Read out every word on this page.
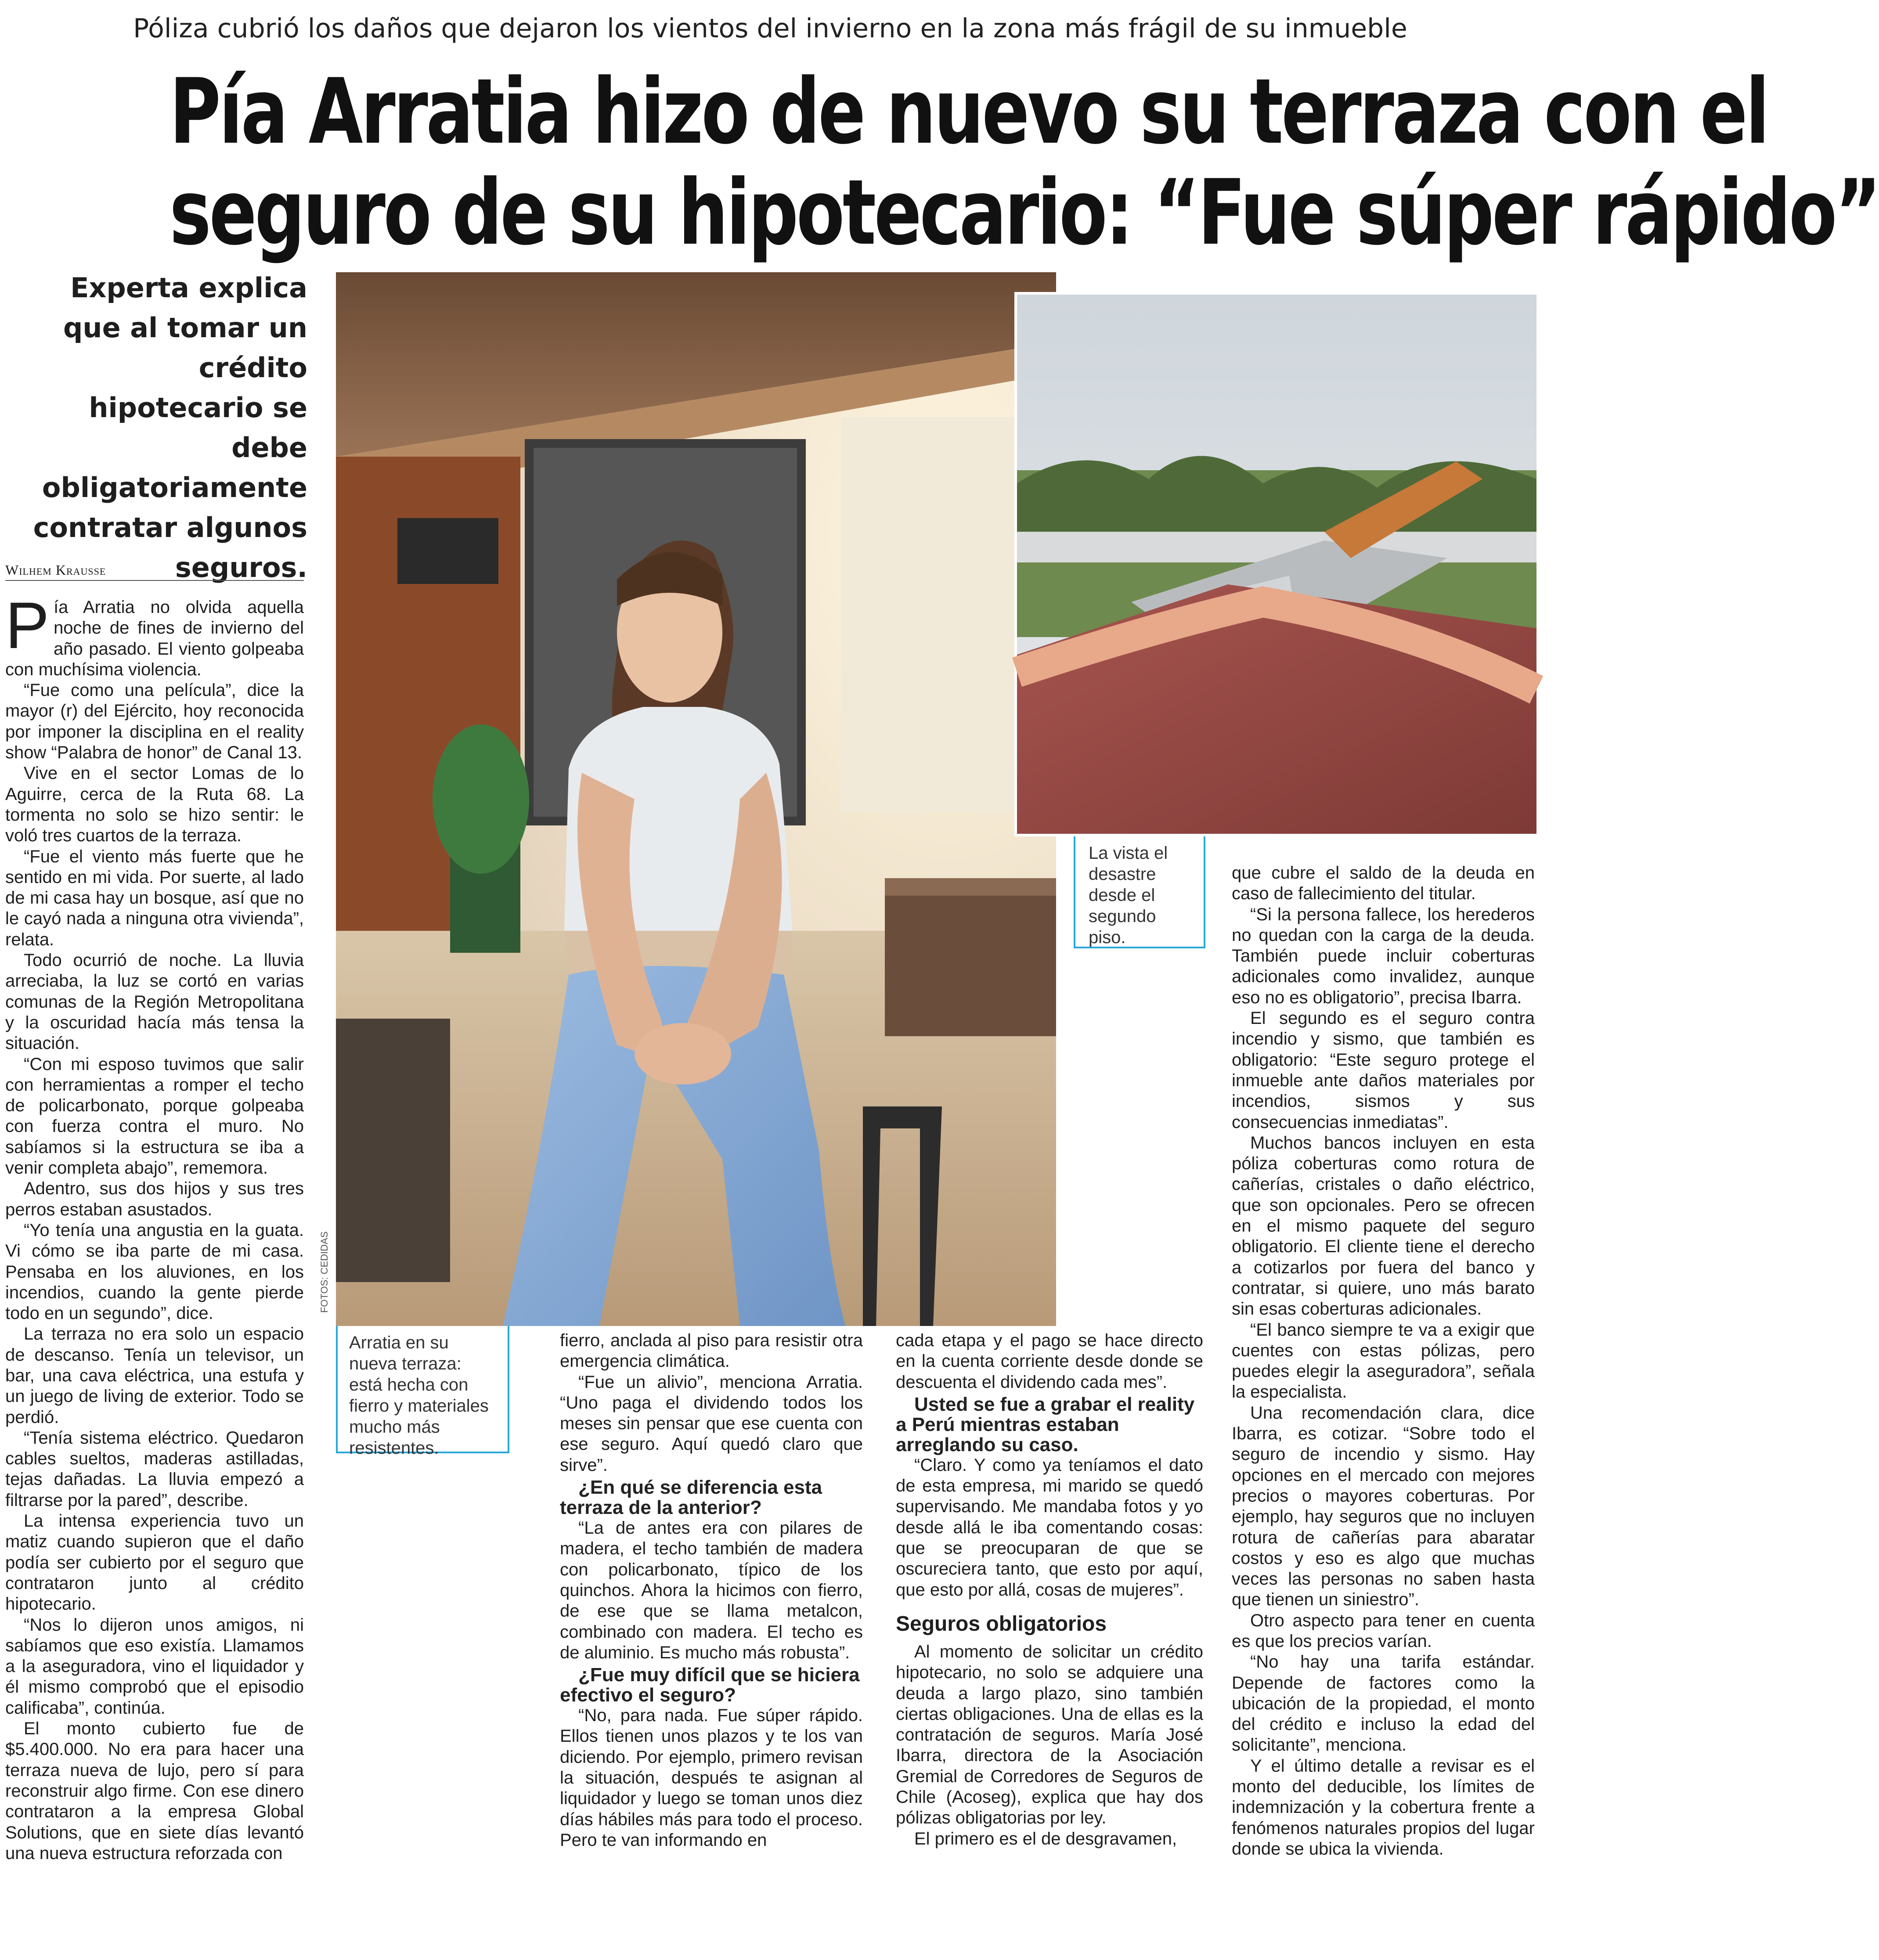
Póliza cubrió los daños que dejaron los vientos del invierno en la zona más frágil de su inmueble
Pía Arratia hizo de nuevo su terraza con el
seguro de su hipotecario: “Fue súper rápido”
Experta explica que al tomar un crédito hipotecario se debe obligatoriamente contratar algunos seguros.
Wilhem Krausse

Pía Arratia no olvida aquella noche de fines de invierno del año pasado. El viento golpeaba con muchísima violencia.

“Fue como una película”, dice la mayor (r) del Ejército, hoy reconocida por imponer la disciplina en el reality show “Palabra de honor” de Canal 13.

Vive en el sector Lomas de lo Aguirre, cerca de la Ruta 68. La tormenta no solo se hizo sentir: le voló tres cuartos de la terraza.

“Fue el viento más fuerte que he sentido en mi vida. Por suerte, al lado de mi casa hay un bosque, así que no le cayó nada a ninguna otra vivienda”, relata.

Todo ocurrió de noche. La lluvia arreciaba, la luz se cortó en varias comunas de la Región Metropolitana y la oscuridad hacía más tensa la situación.

“Con mi esposo tuvimos que salir con herramientas a romper el techo de policarbonato, porque golpeaba con fuerza contra el muro. No sabíamos si la estructura se iba a venir completa abajo”, rememora.

Adentro, sus dos hijos y sus tres perros estaban asustados.

“Yo tenía una angustia en la guata. Vi cómo se iba parte de mi casa. Pensaba en los aluviones, en los incendios, cuando la gente pierde todo en un segundo”, dice.

La terraza no era solo un espacio de descanso. Tenía un televisor, un bar, una cava eléctrica, una estufa y un juego de living de exterior. Todo se perdió.

“Tenía sistema eléctrico. Quedaron cables sueltos, maderas astilladas, tejas dañadas. La lluvia empezó a filtrarse por la pared”, describe.

La intensa experiencia tuvo un matiz cuando supieron que el daño podía ser cubierto por el seguro que contrataron junto al crédito hipotecario.

“Nos lo dijeron unos amigos, ni sabíamos que eso existía. Llamamos a la aseguradora, vino el liquidador y él mismo comprobó que el episodio calificaba”, continúa.

El monto cubierto fue de $5.400.000. No era para hacer una terraza nueva de lujo, pero sí para reconstruir algo firme. Con ese dinero contrataron a la empresa Global Solutions, que en siete días levantó una nueva estructura reforzada con

FOTOS: CEDIDAS
Arratia en su nueva terraza: está hecha con fierro y materiales mucho más resistentes.
La vista el desastre desde el segundo piso.

fierro, anclada al piso para resistir otra emergencia climática.

“Fue un alivio”, menciona Arratia. “Uno paga el dividendo todos los meses sin pensar que ese cuenta con ese seguro. Aquí quedó claro que sirve”.

¿En qué se diferencia esta terraza de la anterior?

“La de antes era con pilares de madera, el techo también de madera con policarbonato, típico de los quinchos. Ahora la hicimos con fierro, de ese que se llama metalcon, combinado con madera. El techo es de aluminio. Es mucho más robusta”.

¿Fue muy difícil que se hiciera efectivo el seguro?

“No, para nada. Fue súper rápido. Ellos tienen unos plazos y te los van diciendo. Por ejemplo, primero revisan la situación, después te asignan al liquidador y luego se toman unos diez días hábiles más para todo el proceso. Pero te van informando en

cada etapa y el pago se hace directo en la cuenta corriente desde donde se descuenta el dividendo cada mes”.

Usted se fue a grabar el reality a Perú mientras estaban arreglando su caso.

“Claro. Y como ya teníamos el dato de esta empresa, mi marido se quedó supervisando. Me mandaba fotos y yo desde allá le iba comentando cosas: que se preocuparan de que se oscureciera tanto, que esto por aquí, que esto por allá, cosas de mujeres”.

Seguros obligatorios

Al momento de solicitar un crédito hipotecario, no solo se adquiere una deuda a largo plazo, sino también ciertas obligaciones. Una de ellas es la contratación de seguros. María José Ibarra, directora de la Asociación Gremial de Corredores de Seguros de Chile (Acoseg), explica que hay dos pólizas obligatorias por ley.

El primero es el de desgravamen,

que cubre el saldo de la deuda en caso de fallecimiento del titular.

“Si la persona fallece, los herederos no quedan con la carga de la deuda. También puede incluir coberturas adicionales como invalidez, aunque eso no es obligatorio”, precisa Ibarra.

El segundo es el seguro contra incendio y sismo, que también es obligatorio: “Este seguro protege el inmueble ante daños materiales por incendios, sismos y sus consecuencias inmediatas”.

Muchos bancos incluyen en esta póliza coberturas como rotura de cañerías, cristales o daño eléctrico, que son opcionales. Pero se ofrecen en el mismo paquete del seguro obligatorio. El cliente tiene el derecho a cotizarlos por fuera del banco y contratar, si quiere, uno más barato sin esas coberturas adicionales.

“El banco siempre te va a exigir que cuentes con estas pólizas, pero puedes elegir la aseguradora”, señala la especialista.

Una recomendación clara, dice Ibarra, es cotizar. “Sobre todo el seguro de incendio y sismo. Hay opciones en el mercado con mejores precios o mayores coberturas. Por ejemplo, hay seguros que no incluyen rotura de cañerías para abaratar costos y eso es algo que muchas veces las personas no saben hasta que tienen un siniestro”.

Otro aspecto para tener en cuenta es que los precios varían.

“No hay una tarifa estándar. Depende de factores como la ubicación de la propiedad, el monto del crédito e incluso la edad del solicitante”, menciona.

Y el último detalle a revisar es el monto del deducible, los límites de indemnización y la cobertura frente a fenómenos naturales propios del lugar donde se ubica la vivienda.
